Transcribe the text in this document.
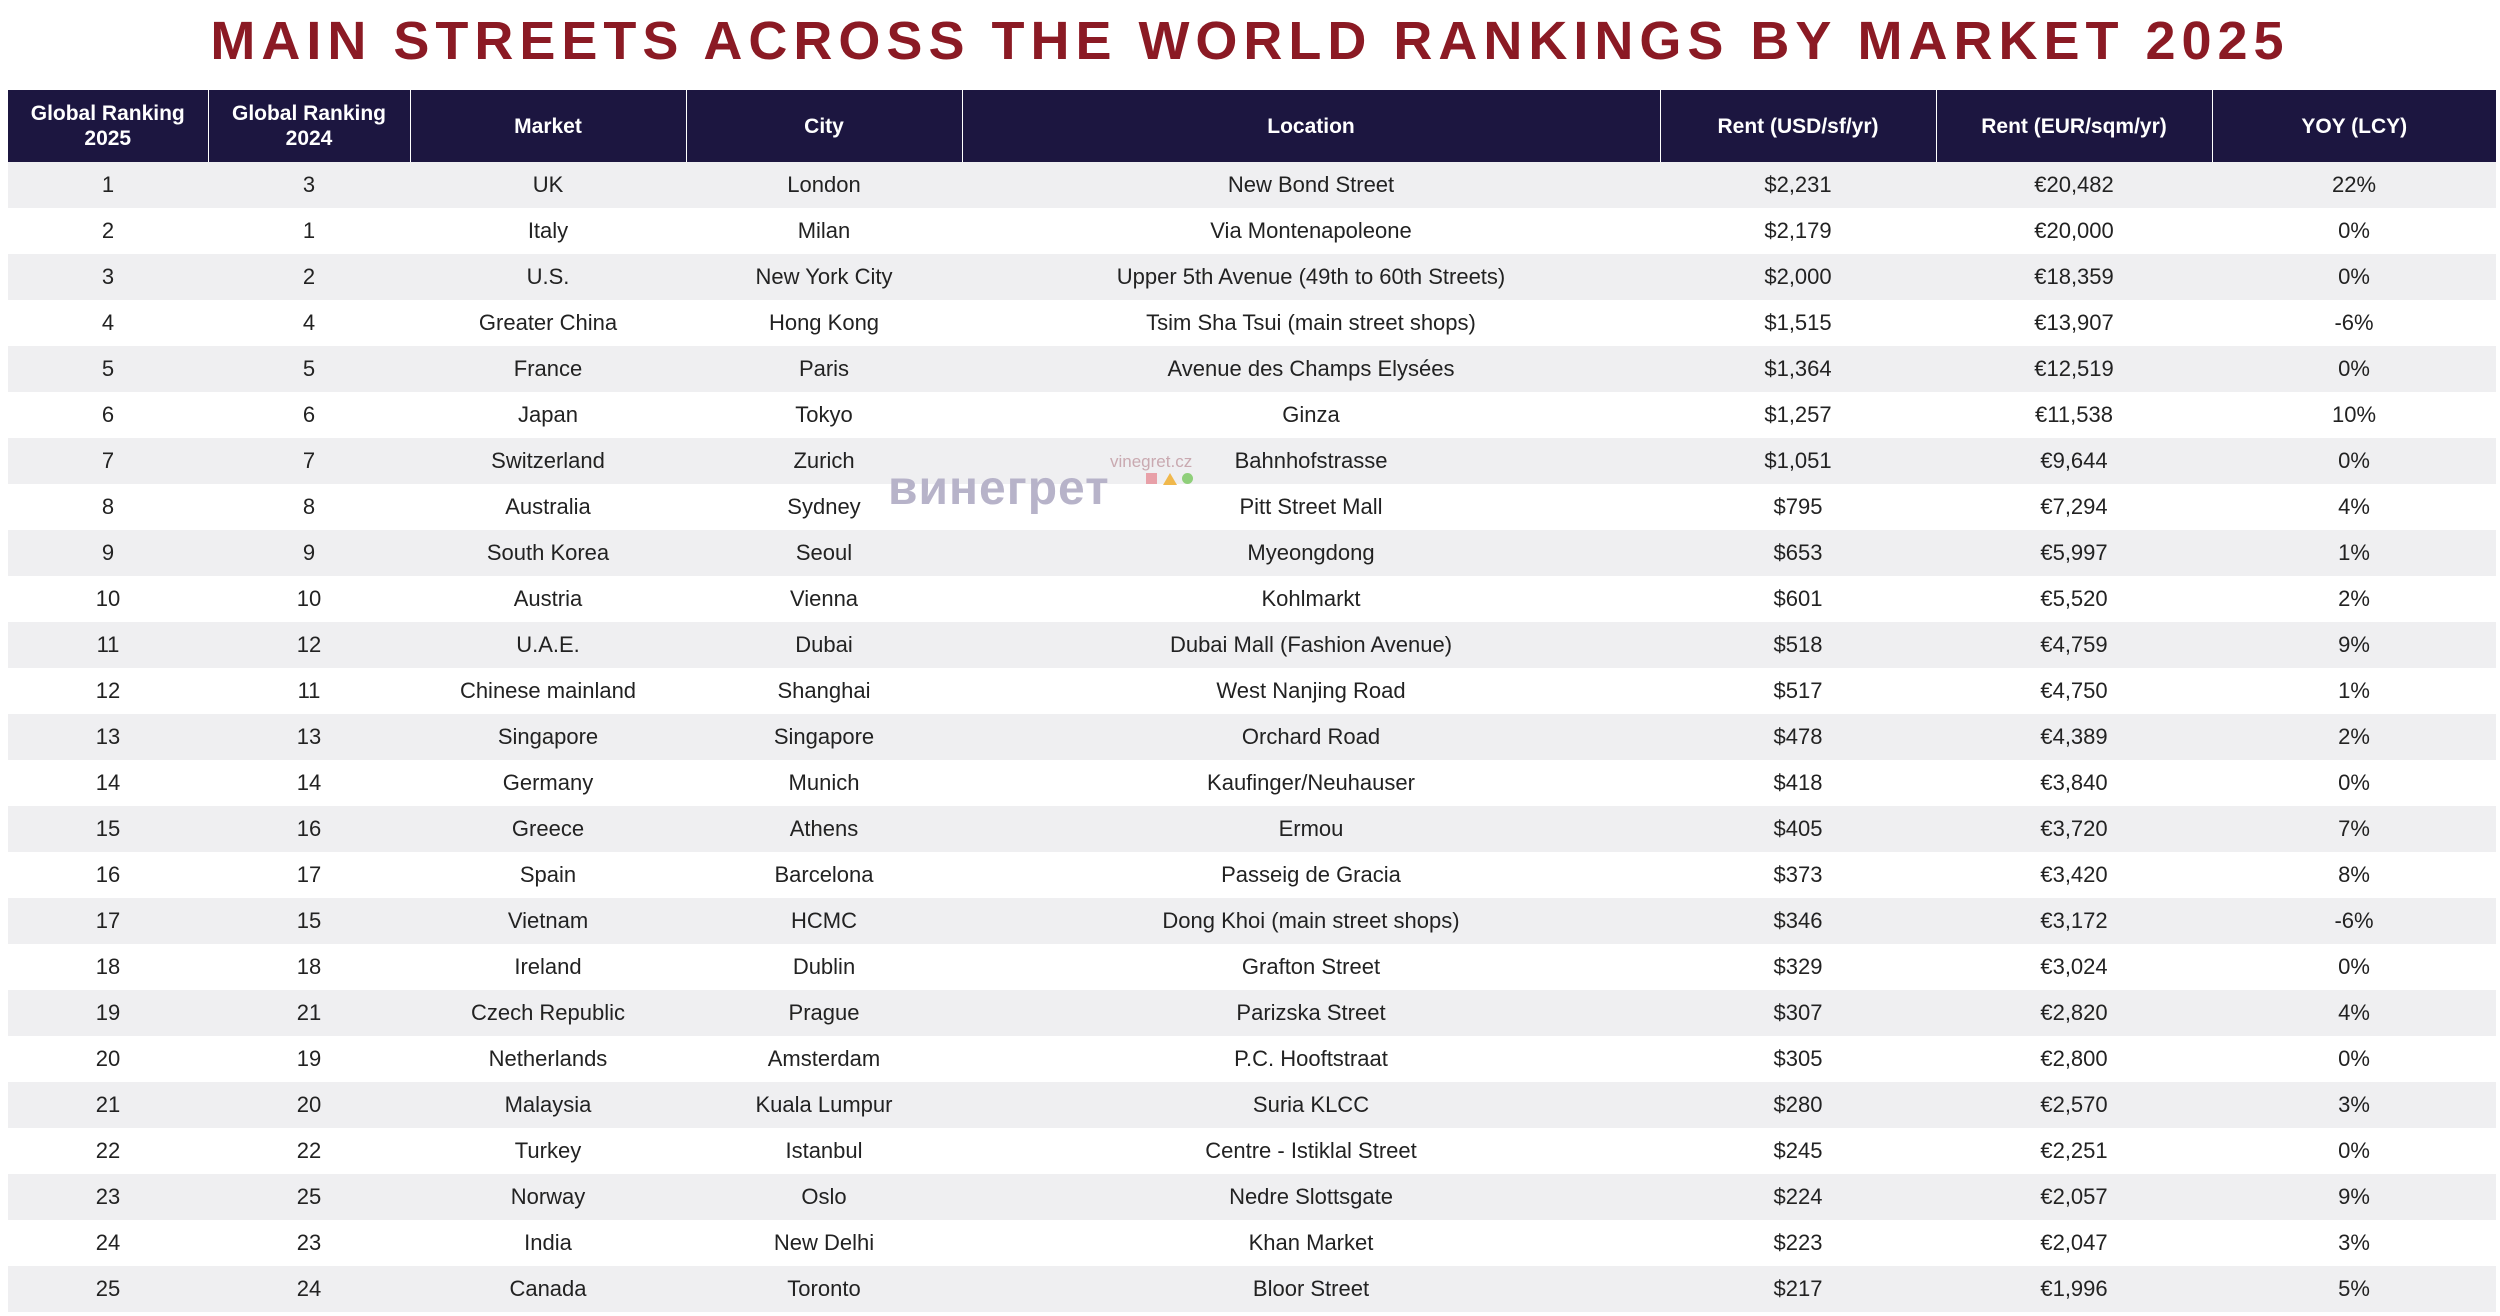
MAIN STREETS ACROSS THE WORLD RANKINGS BY MARKET 2025
Global Ranking 2025	Global Ranking 2024	Market	City	Location	Rent (USD/sf/yr)	Rent (EUR/sqm/yr)	YOY (LCY)
1	3	UK	London	New Bond Street	$2,231	€20,482	22%
2	1	Italy	Milan	Via Montenapoleone	$2,179	€20,000	0%
3	2	U.S.	New York City	Upper 5th Avenue (49th to 60th Streets)	$2,000	€18,359	0%
4	4	Greater China	Hong Kong	Tsim Sha Tsui (main street shops)	$1,515	€13,907	-6%
5	5	France	Paris	Avenue des Champs Elysées	$1,364	€12,519	0%
6	6	Japan	Tokyo	Ginza	$1,257	€11,538	10%
7	7	Switzerland	Zurich	Bahnhofstrasse	$1,051	€9,644	0%
8	8	Australia	Sydney	Pitt Street Mall	$795	€7,294	4%
9	9	South Korea	Seoul	Myeongdong	$653	€5,997	1%
10	10	Austria	Vienna	Kohlmarkt	$601	€5,520	2%
11	12	U.A.E.	Dubai	Dubai Mall (Fashion Avenue)	$518	€4,759	9%
12	11	Chinese mainland	Shanghai	West Nanjing Road	$517	€4,750	1%
13	13	Singapore	Singapore	Orchard Road	$478	€4,389	2%
14	14	Germany	Munich	Kaufinger/Neuhauser	$418	€3,840	0%
15	16	Greece	Athens	Ermou	$405	€3,720	7%
16	17	Spain	Barcelona	Passeig de Gracia	$373	€3,420	8%
17	15	Vietnam	HCMC	Dong Khoi (main street shops)	$346	€3,172	-6%
18	18	Ireland	Dublin	Grafton Street	$329	€3,024	0%
19	21	Czech Republic	Prague	Parizska Street	$307	€2,820	4%
20	19	Netherlands	Amsterdam	P.C. Hooftstraat	$305	€2,800	0%
21	20	Malaysia	Kuala Lumpur	Suria KLCC	$280	€2,570	3%
22	22	Turkey	Istanbul	Centre - Istiklal Street	$245	€2,251	0%
23	25	Norway	Oslo	Nedre Slottsgate	$224	€2,057	9%
24	23	India	New Delhi	Khan Market	$223	€2,047	3%
25	24	Canada	Toronto	Bloor Street	$217	€1,996	5%
vinegret.cz
винегрет
